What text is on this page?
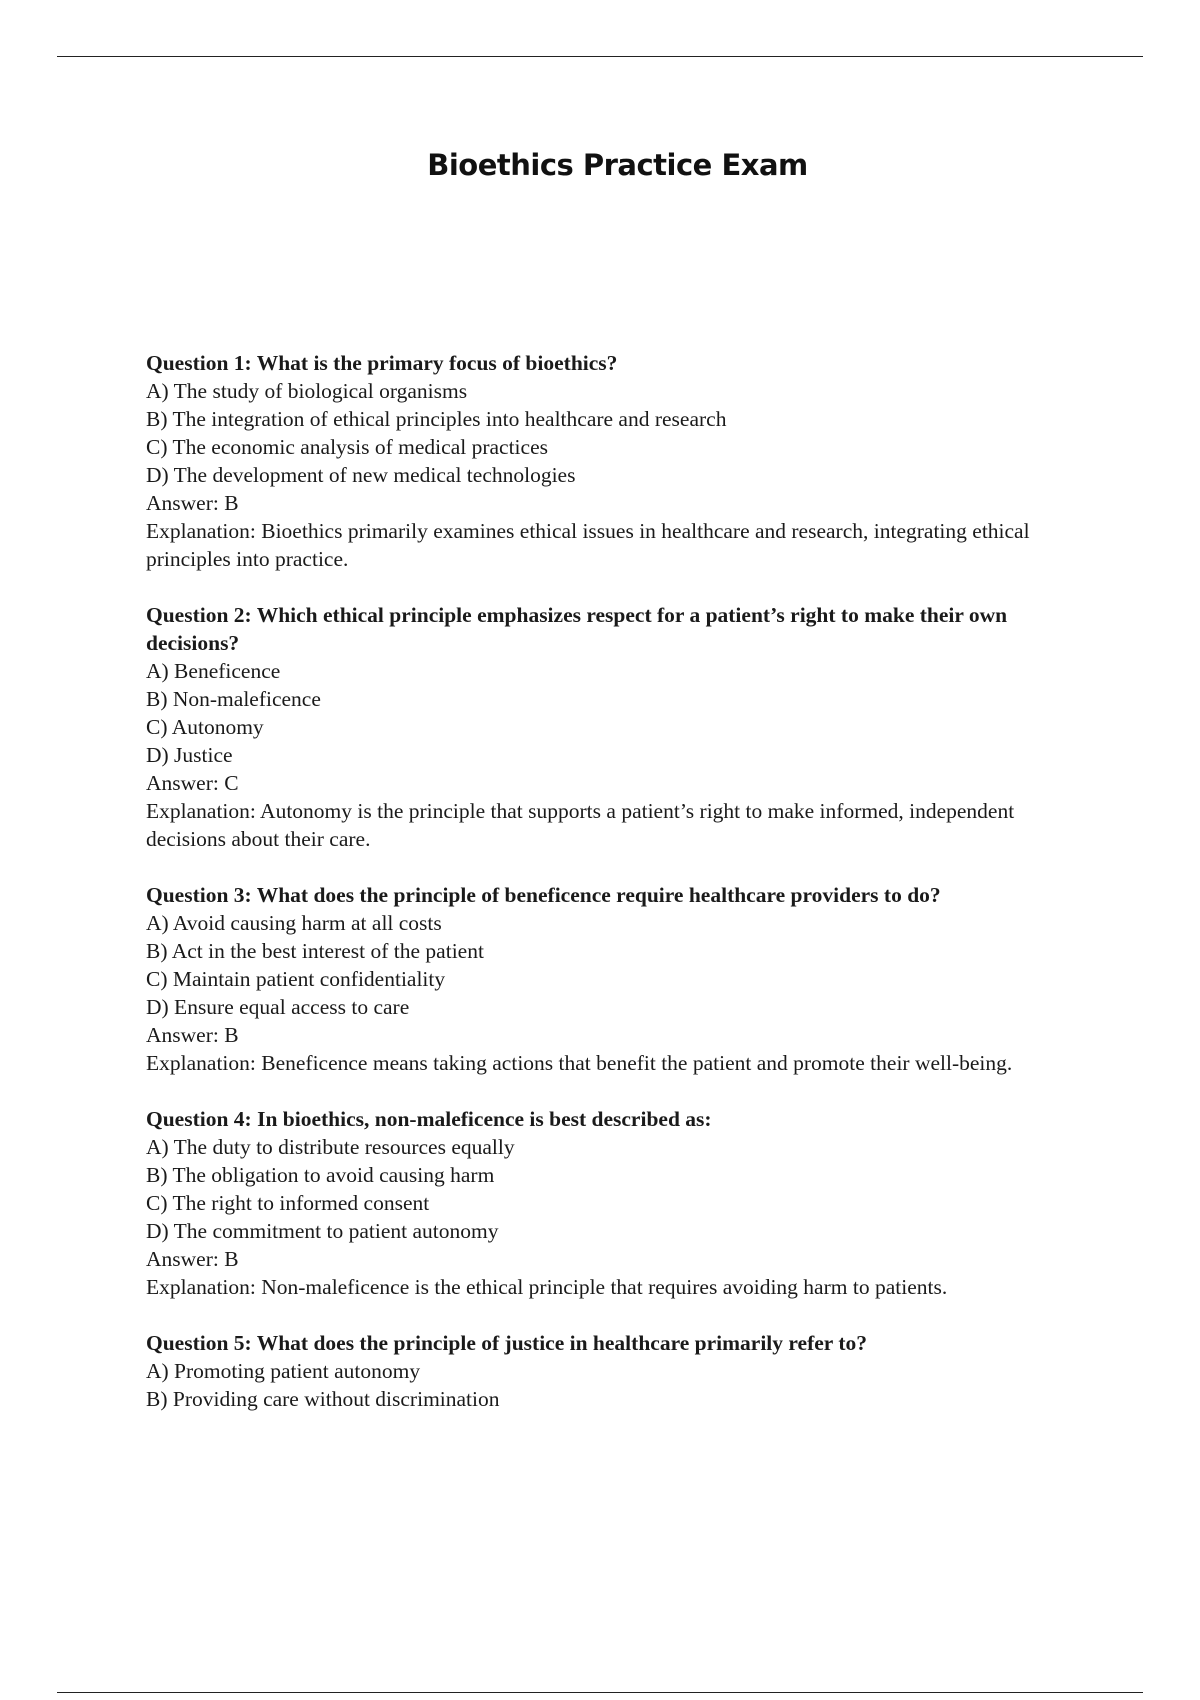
Bioethics Practice Exam

Question 1: What is the primary focus of bioethics?

A) The study of biological organisms

B) The integration of ethical principles into healthcare and research

C) The economic analysis of medical practices

D) The development of new medical technologies

Answer: B

Explanation: Bioethics primarily examines ethical issues in healthcare and research, integrating ethical principles into practice.

Question 2: Which ethical principle emphasizes respect for a patient’s right to make their own decisions?

A) Beneficence

B) Non-maleficence

C) Autonomy

D) Justice

Answer: C

Explanation: Autonomy is the principle that supports a patient’s right to make informed, independent decisions about their care.

Question 3: What does the principle of beneficence require healthcare providers to do?

A) Avoid causing harm at all costs

B) Act in the best interest of the patient

C) Maintain patient confidentiality

D) Ensure equal access to care

Answer: B

Explanation: Beneficence means taking actions that benefit the patient and promote their well-being.

Question 4: In bioethics, non-maleficence is best described as:

A) The duty to distribute resources equally

B) The obligation to avoid causing harm

C) The right to informed consent

D) The commitment to patient autonomy

Answer: B

Explanation: Non-maleficence is the ethical principle that requires avoiding harm to patients.

Question 5: What does the principle of justice in healthcare primarily refer to?

A) Promoting patient autonomy

B) Providing care without discrimination
